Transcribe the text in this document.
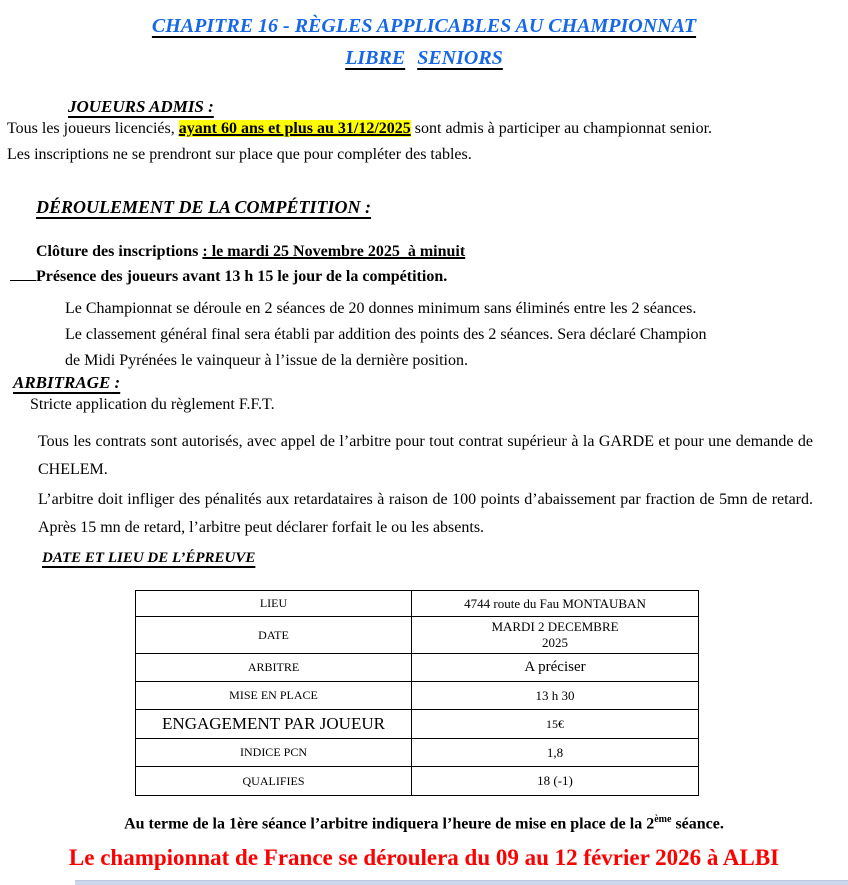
CHAPITRE 16 - RÈGLES APPLICABLES AU CHAMPIONNAT
LIBRE SENIORS
JOUEURS ADMIS :
Tous les joueurs licenciés, ayant 60 ans et plus au 31/12/2025 sont admis à participer au championnat senior.
Les inscriptions ne se prendront sur place que pour compléter des tables.
DÉROULEMENT DE LA COMPÉTITION :
Clôture des inscriptions : le mardi 25 Novembre 2025  à minuit
Présence des joueurs avant 13 h 15 le jour de la compétition.
Le Championnat se déroule en 2 séances de 20 donnes minimum sans éliminés entre les 2 séances.
Le classement général final sera établi par addition des points des 2 séances. Sera déclaré Champion
de Midi Pyrénées le vainqueur à l’issue de la dernière position.
ARBITRAGE :
Stricte application du règlement F.F.T.
Tous les contrats sont autorisés, avec appel de l’arbitre pour tout contrat supérieur à la GARDE et pour une demande de CHELEM.
L’arbitre doit infliger des pénalités aux retardataires à raison de 100 points d’abaissement par fraction de 5mn de retard. Après 15 mn de retard, l’arbitre peut déclarer forfait le ou les absents.
DATE ET LIEU DE L’ÉPREUVE
LIEU	4744 route du Fau MONTAUBAN
DATE	MARDI 2 DECEMBRE
2025

ARBITRE	A préciser
MISE EN PLACE	13 h 30
ENGAGEMENT PAR JOUEUR	15€
INDICE PCN	1,8
QUALIFIES	18 (-1)
Au terme de la 1ère séance l’arbitre indiquera l’heure de mise en place de la 2ème séance.
Le championnat de France se déroulera du 09 au 12 février 2026 à ALBI
